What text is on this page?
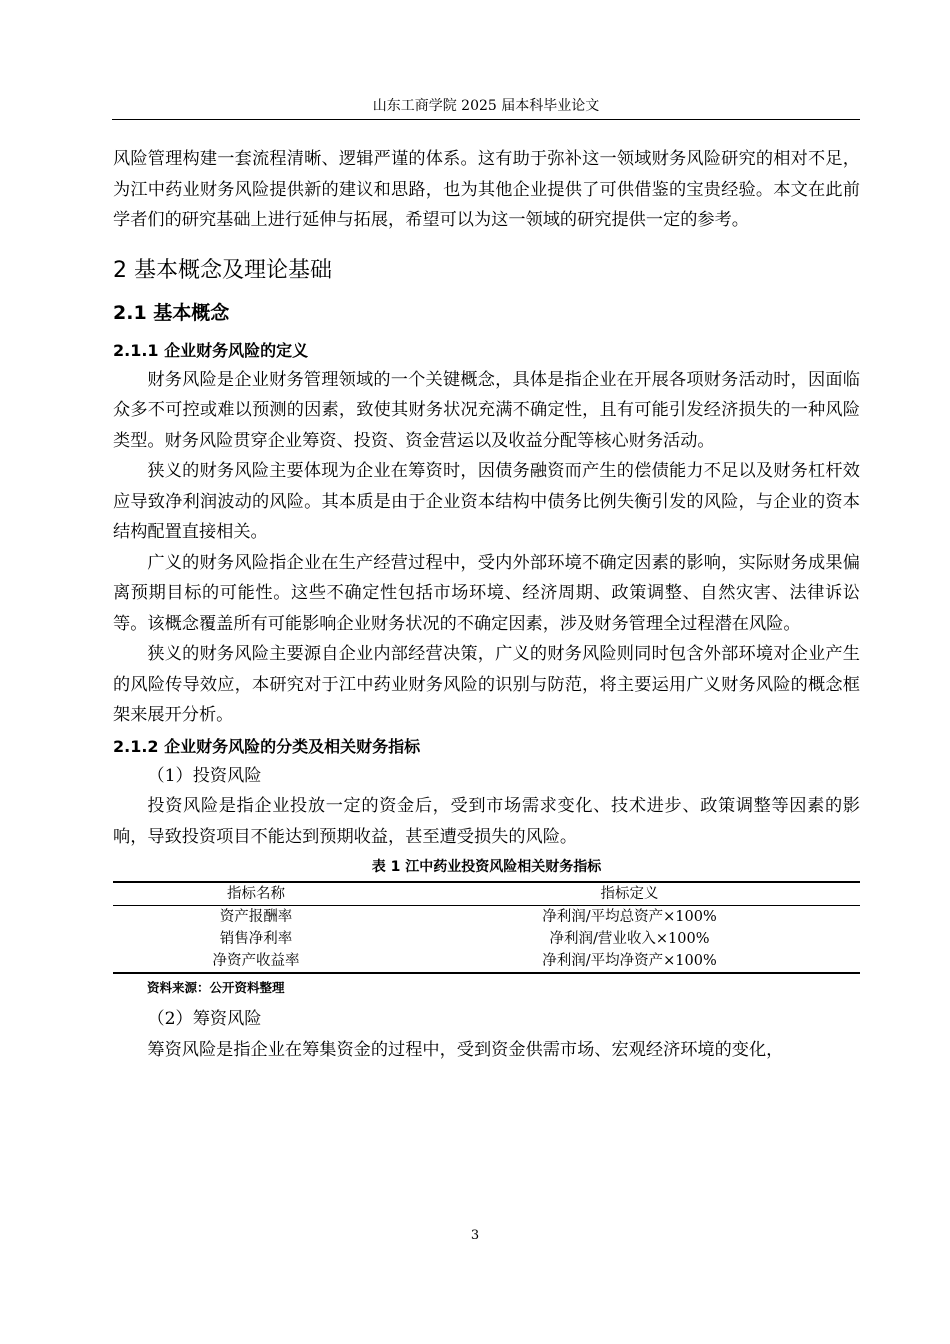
山东工商学院 2025 届本科毕业论文

风险管理构建一套流程清晰、逻辑严谨的体系。这有助于弥补这一领域财务风险研究的相对不足，为江中药业财务风险提供新的建议和思路，也为其他企业提供了可供借鉴的宝贵经验。本文在此前学者们的研究基础上进行延伸与拓展，希望可以为这一领域的研究提供一定的参考。

2 基本概念及理论基础
2.1 基本概念
2.1.1 企业财务风险的定义

财务风险是企业财务管理领域的一个关键概念，具体是指企业在开展各项财务活动时，因面临众多不可控或难以预测的因素，致使其财务状况充满不确定性，且有可能引发经济损失的一种风险类型。财务风险贯穿企业筹资、投资、资金营运以及收益分配等核心财务活动。

狭义的财务风险主要体现为企业在筹资时，因债务融资而产生的偿债能力不足以及财务杠杆效应导致净利润波动的风险。其本质是由于企业资本结构中债务比例失衡引发的风险，与企业的资本结构配置直接相关。

广义的财务风险指企业在生产经营过程中，受内外部环境不确定因素的影响，实际财务成果偏离预期目标的可能性。这些不确定性包括市场环境、经济周期、政策调整、自然灾害、法律诉讼等。该概念覆盖所有可能影响企业财务状况的不确定因素，涉及财务管理全过程潜在风险。

狭义的财务风险主要源自企业内部经营决策，广义的财务风险则同时包含外部环境对企业产生的风险传导效应，本研究对于江中药业财务风险的识别与防范，将主要运用广义财务风险的概念框架来展开分析。

2.1.2 企业财务风险的分类及相关财务指标

（1）投资风险

投资风险是指企业投放一定的资金后，受到市场需求变化、技术进步、政策调整等因素的影响，导致投资项目不能达到预期收益，甚至遭受损失的风险。

表 1 江中药业投资风险相关财务指标
指标名称	指标定义
资产报酬率	净利润/平均总资产×100%
销售净利率	净利润/营业收入×100%
净资产收益率	净利润/平均净资产×100%
资料来源：公开资料整理

（2）筹资风险

筹资风险是指企业在筹集资金的过程中，受到资金供需市场、宏观经济环境的变化，

3
